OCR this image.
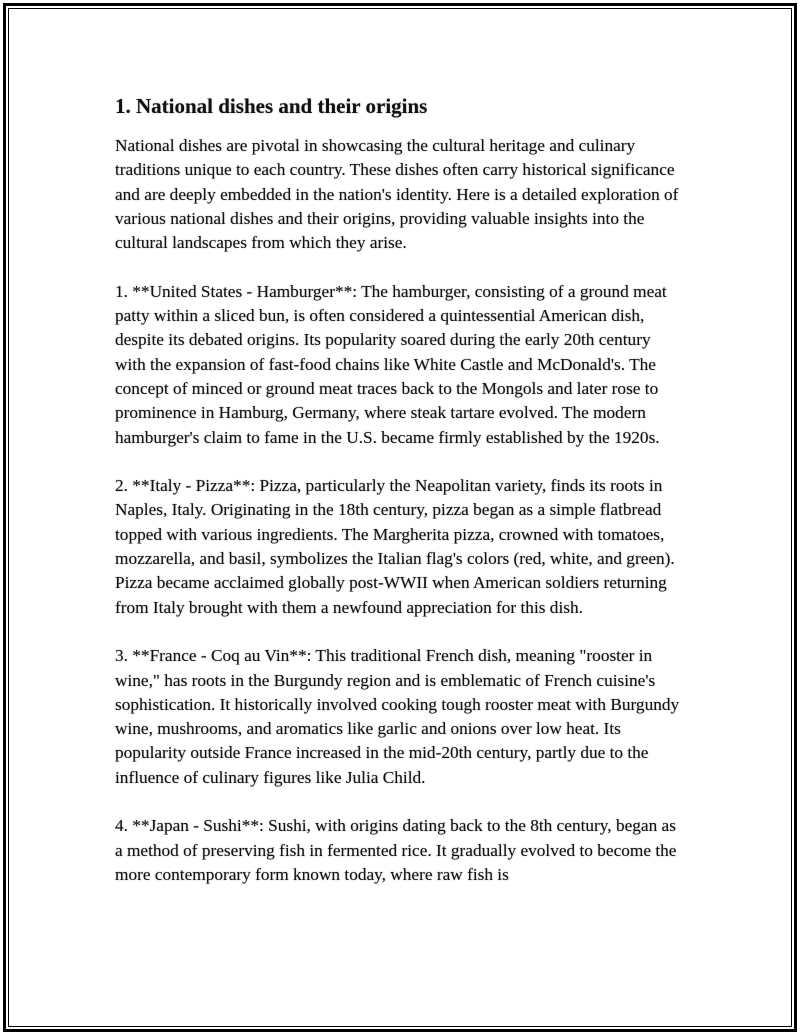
1. National dishes and their origins

National dishes are pivotal in showcasing the cultural heritage and culinary traditions unique to each country. These dishes often carry historical significance and are deeply embedded in the nation's identity. Here is a detailed exploration of various national dishes and their origins, providing valuable insights into the cultural landscapes from which they arise.

1. **United States - Hamburger**: The hamburger, consisting of a ground meat patty within a sliced bun, is often considered a quintessential American dish, despite its debated origins. Its popularity soared during the early 20th century with the expansion of fast-food chains like White Castle and McDonald's. The concept of minced or ground meat traces back to the Mongols and later rose to prominence in Hamburg, Germany, where steak tartare evolved. The modern hamburger's claim to fame in the U.S. became firmly established by the 1920s.

2. **Italy - Pizza**: Pizza, particularly the Neapolitan variety, finds its roots in Naples, Italy. Originating in the 18th century, pizza began as a simple flatbread topped with various ingredients. The Margherita pizza, crowned with tomatoes, mozzarella, and basil, symbolizes the Italian flag's colors (red, white, and green). Pizza became acclaimed globally post-WWII when American soldiers returning from Italy brought with them a newfound appreciation for this dish.

3. **France - Coq au Vin**: This traditional French dish, meaning "rooster in wine," has roots in the Burgundy region and is emblematic of French cuisine's sophistication. It historically involved cooking tough rooster meat with Burgundy wine, mushrooms, and aromatics like garlic and onions over low heat. Its popularity outside France increased in the mid-20th century, partly due to the influence of culinary figures like Julia Child.

4. **Japan - Sushi**: Sushi, with origins dating back to the 8th century, began as a method of preserving fish in fermented rice. It gradually evolved to become the more contemporary form known today, where raw fish is
